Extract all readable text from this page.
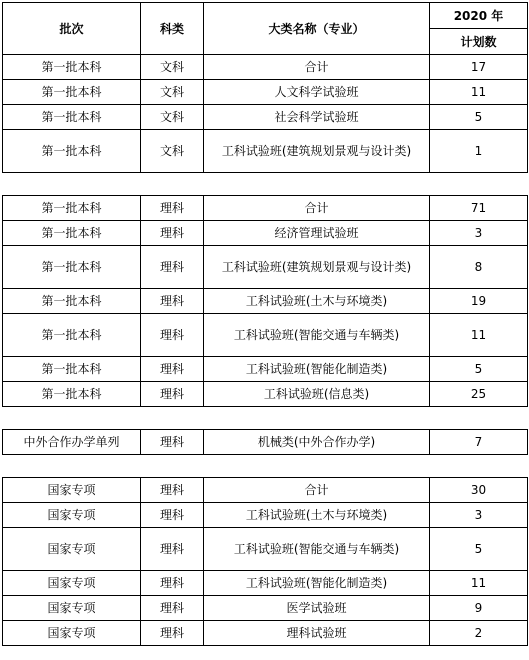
批次	科类	大类名称（专业）	2020 年
			计划数
第一批本科	文科	合计	17
第一批本科	文科	人文科学试验班	11
第一批本科	文科	社会科学试验班	5
第一批本科	文科	工科试验班(建筑规划景观与设计类)	1

第一批本科	理科	合计	71
第一批本科	理科	经济管理试验班	3
第一批本科	理科	工科试验班(建筑规划景观与设计类)	8
第一批本科	理科	工科试验班(土木与环境类)	19
第一批本科	理科	工科试验班(智能交通与车辆类)	11
第一批本科	理科	工科试验班(智能化制造类)	5
第一批本科	理科	工科试验班(信息类)	25

中外合作办学单列	理科	机械类(中外合作办学)	7

国家专项	理科	合计	30
国家专项	理科	工科试验班(土木与环境类)	3
国家专项	理科	工科试验班(智能交通与车辆类)	5
国家专项	理科	工科试验班(智能化制造类)	11
国家专项	理科	医学试验班	9
国家专项	理科	理科试验班	2
